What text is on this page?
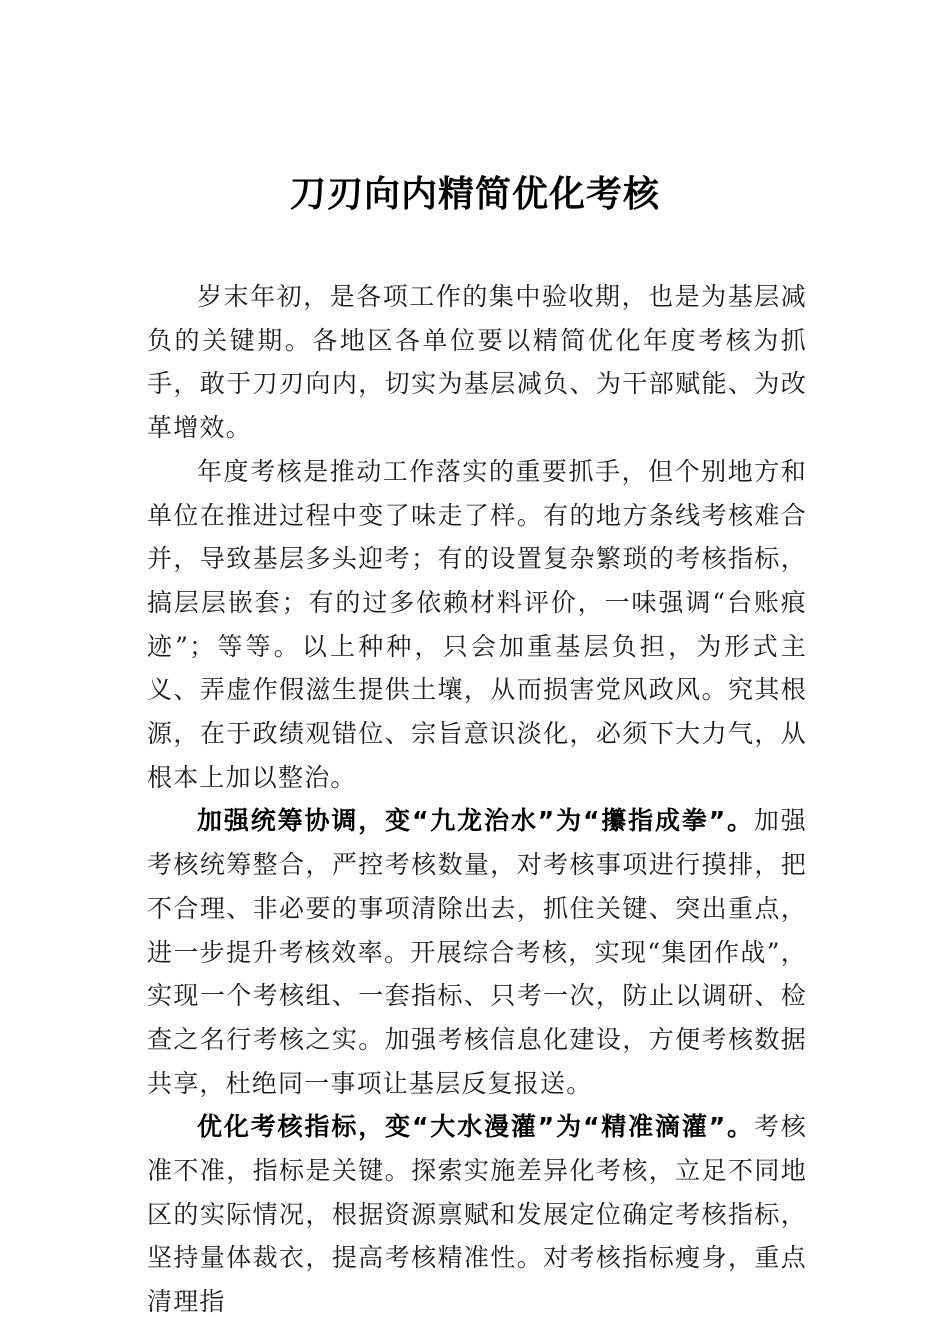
刀刃向内精简优化考核

岁末年初，是各项工作的集中验收期，也是为基层减负的关键期。各地区各单位要以精简优化年度考核为抓手，敢于刀刃向内，切实为基层减负、为干部赋能、为改革增效。

年度考核是推动工作落实的重要抓手，但个别地方和单位在推进过程中变了味走了样。有的地方条线考核难合并，导致基层多头迎考；有的设置复杂繁琐的考核指标，搞层层嵌套；有的过多依赖材料评价，一味强调“台账痕迹”；等等。以上种种，只会加重基层负担，为形式主义、弄虚作假滋生提供土壤，从而损害党风政风。究其根源，在于政绩观错位、宗旨意识淡化，必须下大力气，从根本上加以整治。

加强统筹协调，变“九龙治水”为“攥指成拳”。加强考核统筹整合，严控考核数量，对考核事项进行摸排，把不合理、非必要的事项清除出去，抓住关键、突出重点，进一步提升考核效率。开展综合考核，实现“集团作战”，实现一个考核组、一套指标、只考一次，防止以调研、检查之名行考核之实。加强考核信息化建设，方便考核数据共享，杜绝同一事项让基层反复报送。

优化考核指标，变“大水漫灌”为“精准滴灌”。考核准不准，指标是关键。探索实施差异化考核，立足不同地区的实际情况，根据资源禀赋和发展定位确定考核指标，坚持量体裁衣，提高考核精准性。对考核指标瘦身，重点清理指
